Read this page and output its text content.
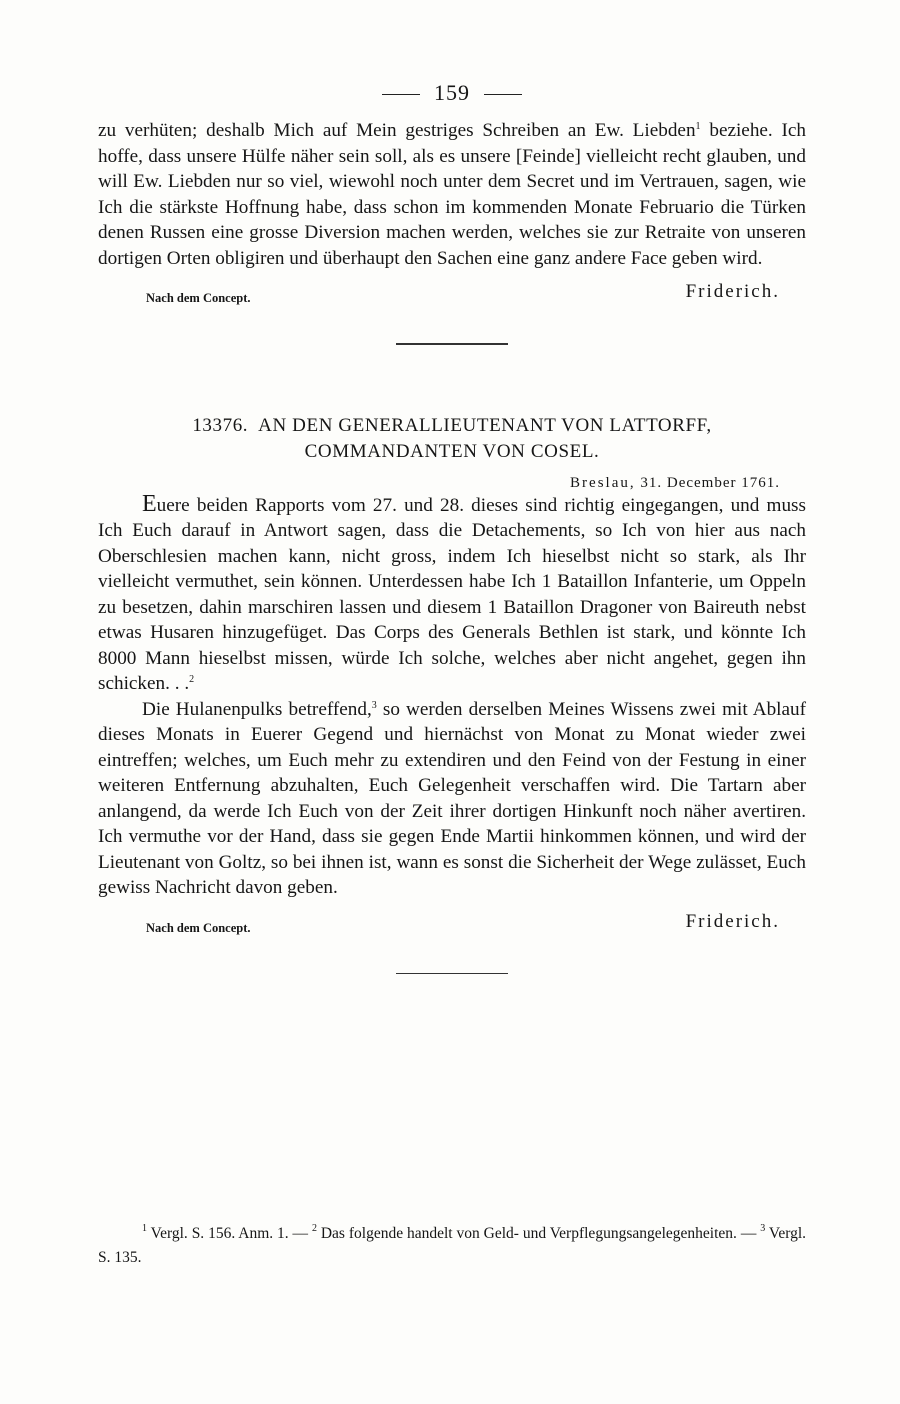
159

zu verhüten; deshalb Mich auf Mein gestriges Schreiben an Ew. Liebden$^1$ beziehe. Ich hoffe, dass unsere Hülfe näher sein soll, als es unsere [Feinde] vielleicht recht glauben, und will Ew. Liebden nur so viel, wiewohl noch unter dem Secret und im Vertrauen, sagen, wie Ich die stärkste Hoffnung habe, dass schon im kommenden Monate Februario die Türken denen Russen eine grosse Diversion machen werden, welches sie zur Retraite von unseren dortigen Orten obligiren und überhaupt den Sachen eine ganz andere Face geben wird.

Nach dem Concept.	Friderich.
13376. AN DEN GENERALLIEUTENANT VON LATTORFF,
COMMANDANTEN VON COSEL.
Breslau, 31. December 1761.

Euere beiden Rapports vom 27. und 28. dieses sind richtig eingegangen, und muss Ich Euch darauf in Antwort sagen, dass die Detachements, so Ich von hier aus nach Oberschlesien machen kann, nicht gross, indem Ich hieselbst nicht so stark, als Ihr vielleicht vermuthet, sein können. Unterdessen habe Ich 1 Bataillon Infanterie, um Oppeln zu besetzen, dahin marschiren lassen und diesem 1 Bataillon Dragoner von Baireuth nebst etwas Husaren hinzugefüget. Das Corps des Generals Bethlen ist stark, und könnte Ich 8000 Mann hieselbst missen, würde Ich solche, welches aber nicht angehet, gegen ihn schicken. . .$^2$

Die Hulanenpulks betreffend,$^3$ so werden derselben Meines Wissens zwei mit Ablauf dieses Monats in Euerer Gegend und hiernächst von Monat zu Monat wieder zwei eintreffen; welches, um Euch mehr zu extendiren und den Feind von der Festung in einer weiteren Entfernung abzuhalten, Euch Gelegenheit verschaffen wird. Die Tartarn aber anlangend, da werde Ich Euch von der Zeit ihrer dortigen Hinkunft noch näher avertiren. Ich vermuthe vor der Hand, dass sie gegen Ende Martii hinkommen können, und wird der Lieutenant von Goltz, so bei ihnen ist, wann es sonst die Sicherheit der Wege zulässet, Euch gewiss Nachricht davon geben.

Nach dem Concept.	Friderich.
$^1$ Vergl. S. 156. Anm. 1. — $^2$ Das folgende handelt von Geld- und Verpflegungsangelegenheiten. — $^3$ Vergl. S. 135.
